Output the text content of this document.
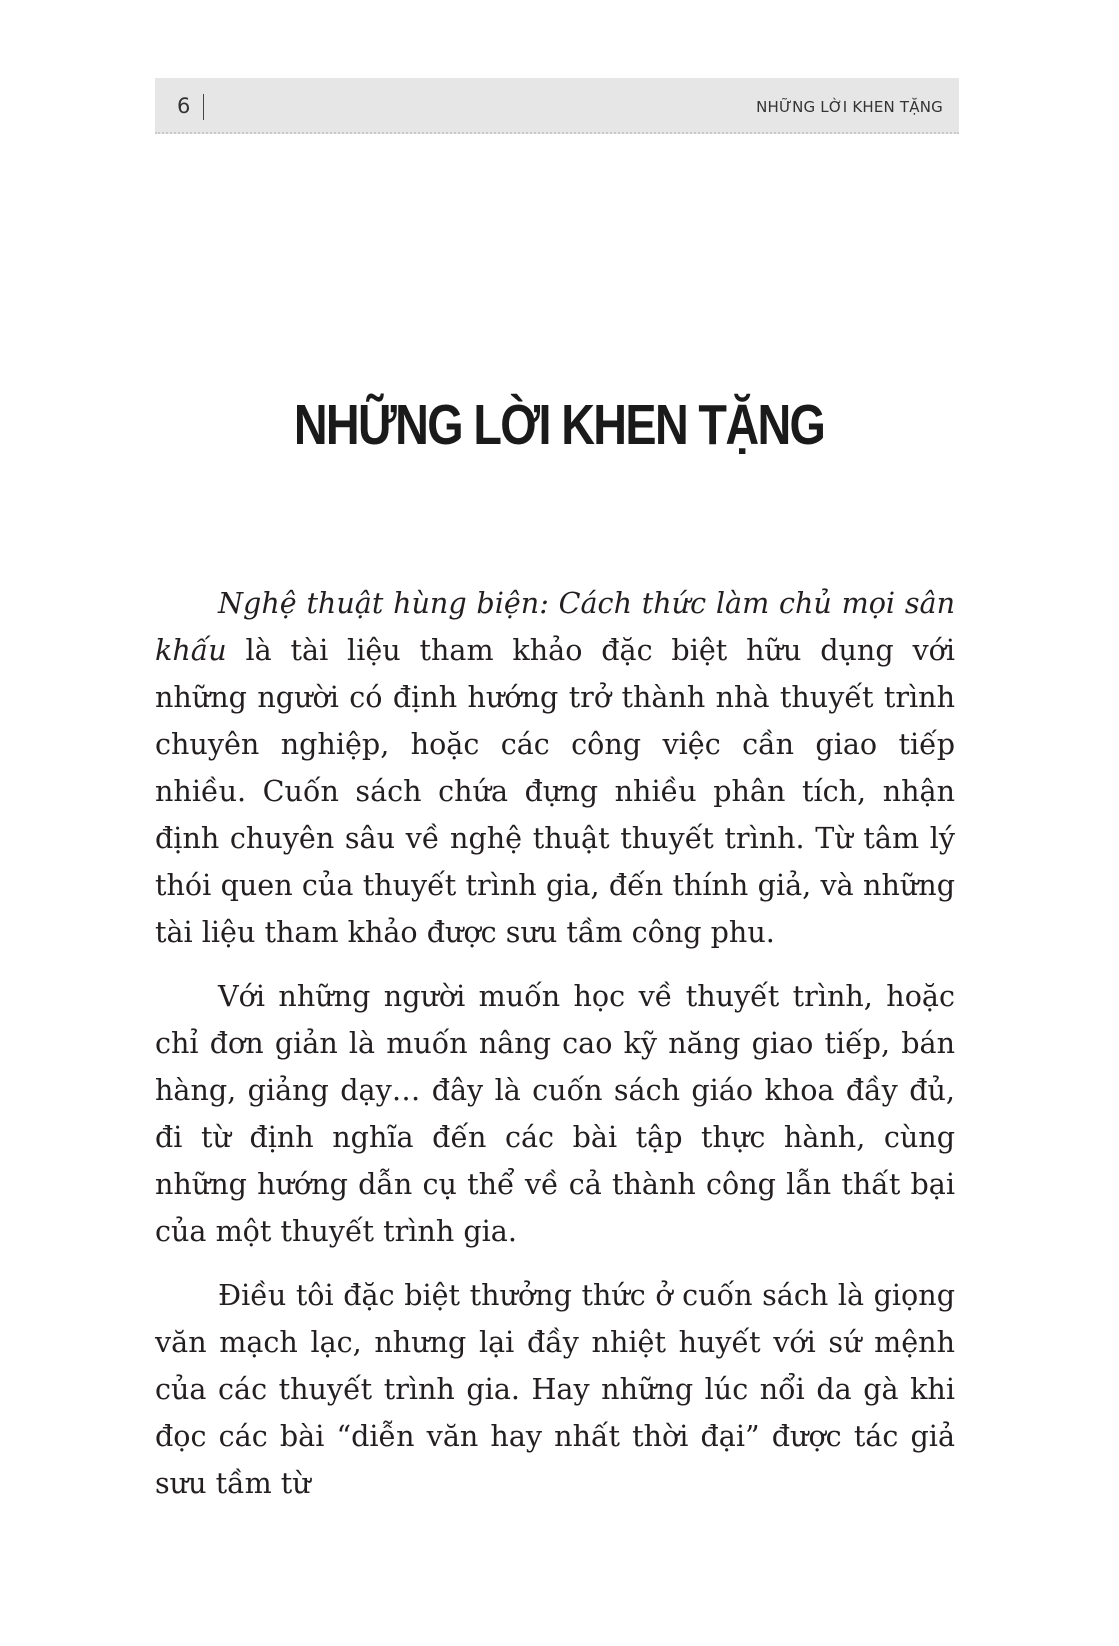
6	NHỮNG LỜI KHEN TẶNG
NHỮNG LỜI KHEN TẶNG

Nghệ thuật hùng biện: Cách thức làm chủ mọi sân khấu là tài liệu tham khảo đặc biệt hữu dụng với những người có định hướng trở thành nhà thuyết trình chuyên nghiệp, hoặc các công việc cần giao tiếp nhiều. Cuốn sách chứa đựng nhiều phân tích, nhận định chuyên sâu về nghệ thuật thuyết trình. Từ tâm lý thói quen của thuyết trình gia, đến thính giả, và những tài liệu tham khảo được sưu tầm công phu.

Với những người muốn học về thuyết trình, hoặc chỉ đơn giản là muốn nâng cao kỹ năng giao tiếp, bán hàng, giảng dạy… đây là cuốn sách giáo khoa đầy đủ, đi từ định nghĩa đến các bài tập thực hành, cùng những hướng dẫn cụ thể về cả thành công lẫn thất bại của một thuyết trình gia.

Điều tôi đặc biệt thưởng thức ở cuốn sách là giọng văn mạch lạc, nhưng lại đầy nhiệt huyết với sứ mệnh của các thuyết trình gia. Hay những lúc nổi da gà khi đọc các bài “diễn văn hay nhất thời đại” được tác giả sưu tầm từ
